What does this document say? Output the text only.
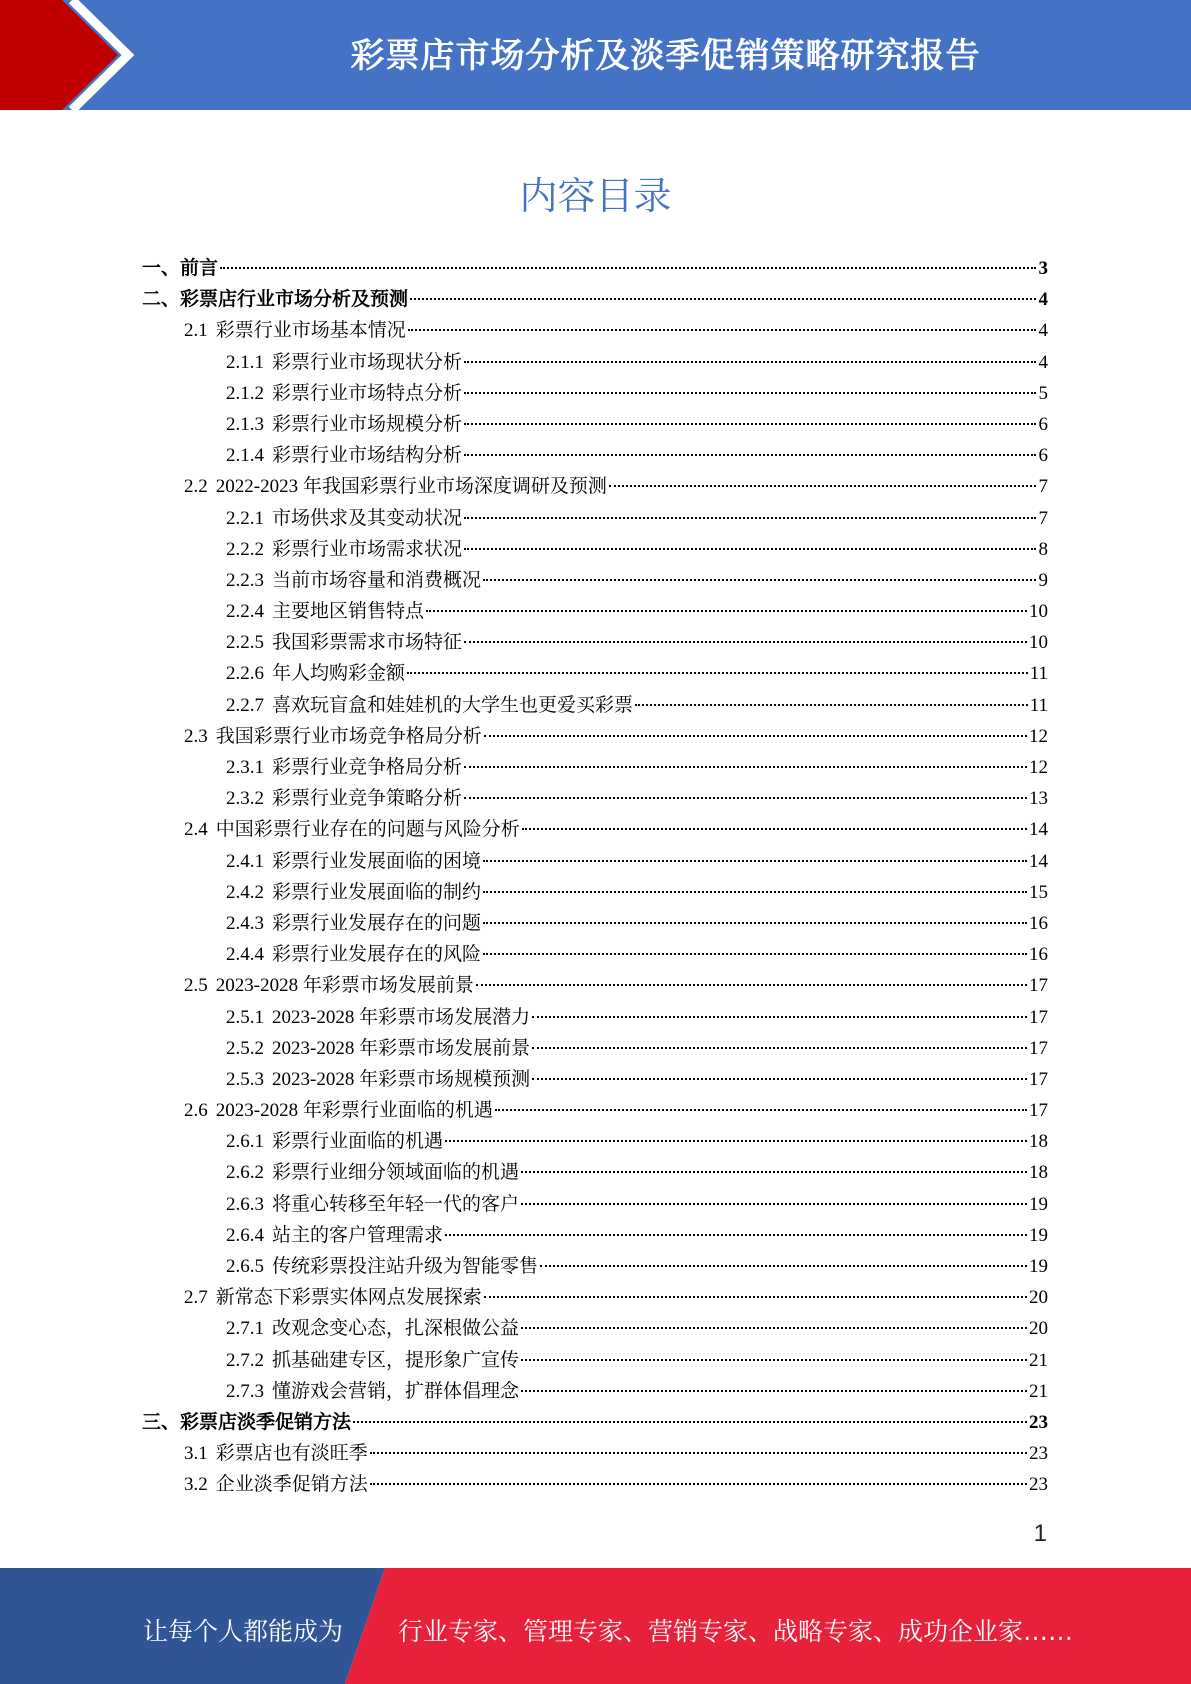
彩票店市场分析及淡季促销策略研究报告
内容目录
一、 前言	3
二、 彩票店行业市场分析及预测	4
2.1 彩票行业市场基本情况	4
2.1.1 彩票行业市场现状分析	4
2.1.2 彩票行业市场特点分析	5
2.1.3 彩票行业市场规模分析	6
2.1.4 彩票行业市场结构分析	6
2.2 2022-2023 年我国彩票行业市场深度调研及预测	7
2.2.1 市场供求及其变动状况	7
2.2.2 彩票行业市场需求状况	8
2.2.3 当前市场容量和消费概况	9
2.2.4 主要地区销售特点	10
2.2.5 我国彩票需求市场特征	10
2.2.6 年人均购彩金额	11
2.2.7 喜欢玩盲盒和娃娃机的大学生也更爱买彩票	11
2.3 我国彩票行业市场竞争格局分析	12
2.3.1 彩票行业竞争格局分析	12
2.3.2 彩票行业竞争策略分析	13
2.4 中国彩票行业存在的问题与风险分析	14
2.4.1 彩票行业发展面临的困境	14
2.4.2 彩票行业发展面临的制约	15
2.4.3 彩票行业发展存在的问题	16
2.4.4 彩票行业发展存在的风险	16
2.5 2023-2028 年彩票市场发展前景	17
2.5.1 2023-2028 年彩票市场发展潜力	17
2.5.2 2023-2028 年彩票市场发展前景	17
2.5.3 2023-2028 年彩票市场规模预测	17
2.6 2023-2028 年彩票行业面临的机遇	17
2.6.1 彩票行业面临的机遇	18
2.6.2 彩票行业细分领域面临的机遇	18
2.6.3 将重心转移至年轻一代的客户	19
2.6.4 站主的客户管理需求	19
2.6.5 传统彩票投注站升级为智能零售	19
2.7 新常态下彩票实体网点发展探索	20
2.7.1 改观念变心态，扎深根做公益	20
2.7.2 抓基础建专区，提形象广宣传	21
2.7.3 懂游戏会营销，扩群体倡理念	21
三、 彩票店淡季促销方法	23
3.1 彩票店也有淡旺季	23
3.2 企业淡季促销方法	23
1
让每个人都能成为 行业专家、管理专家、营销专家、战略专家、成功企业家……
